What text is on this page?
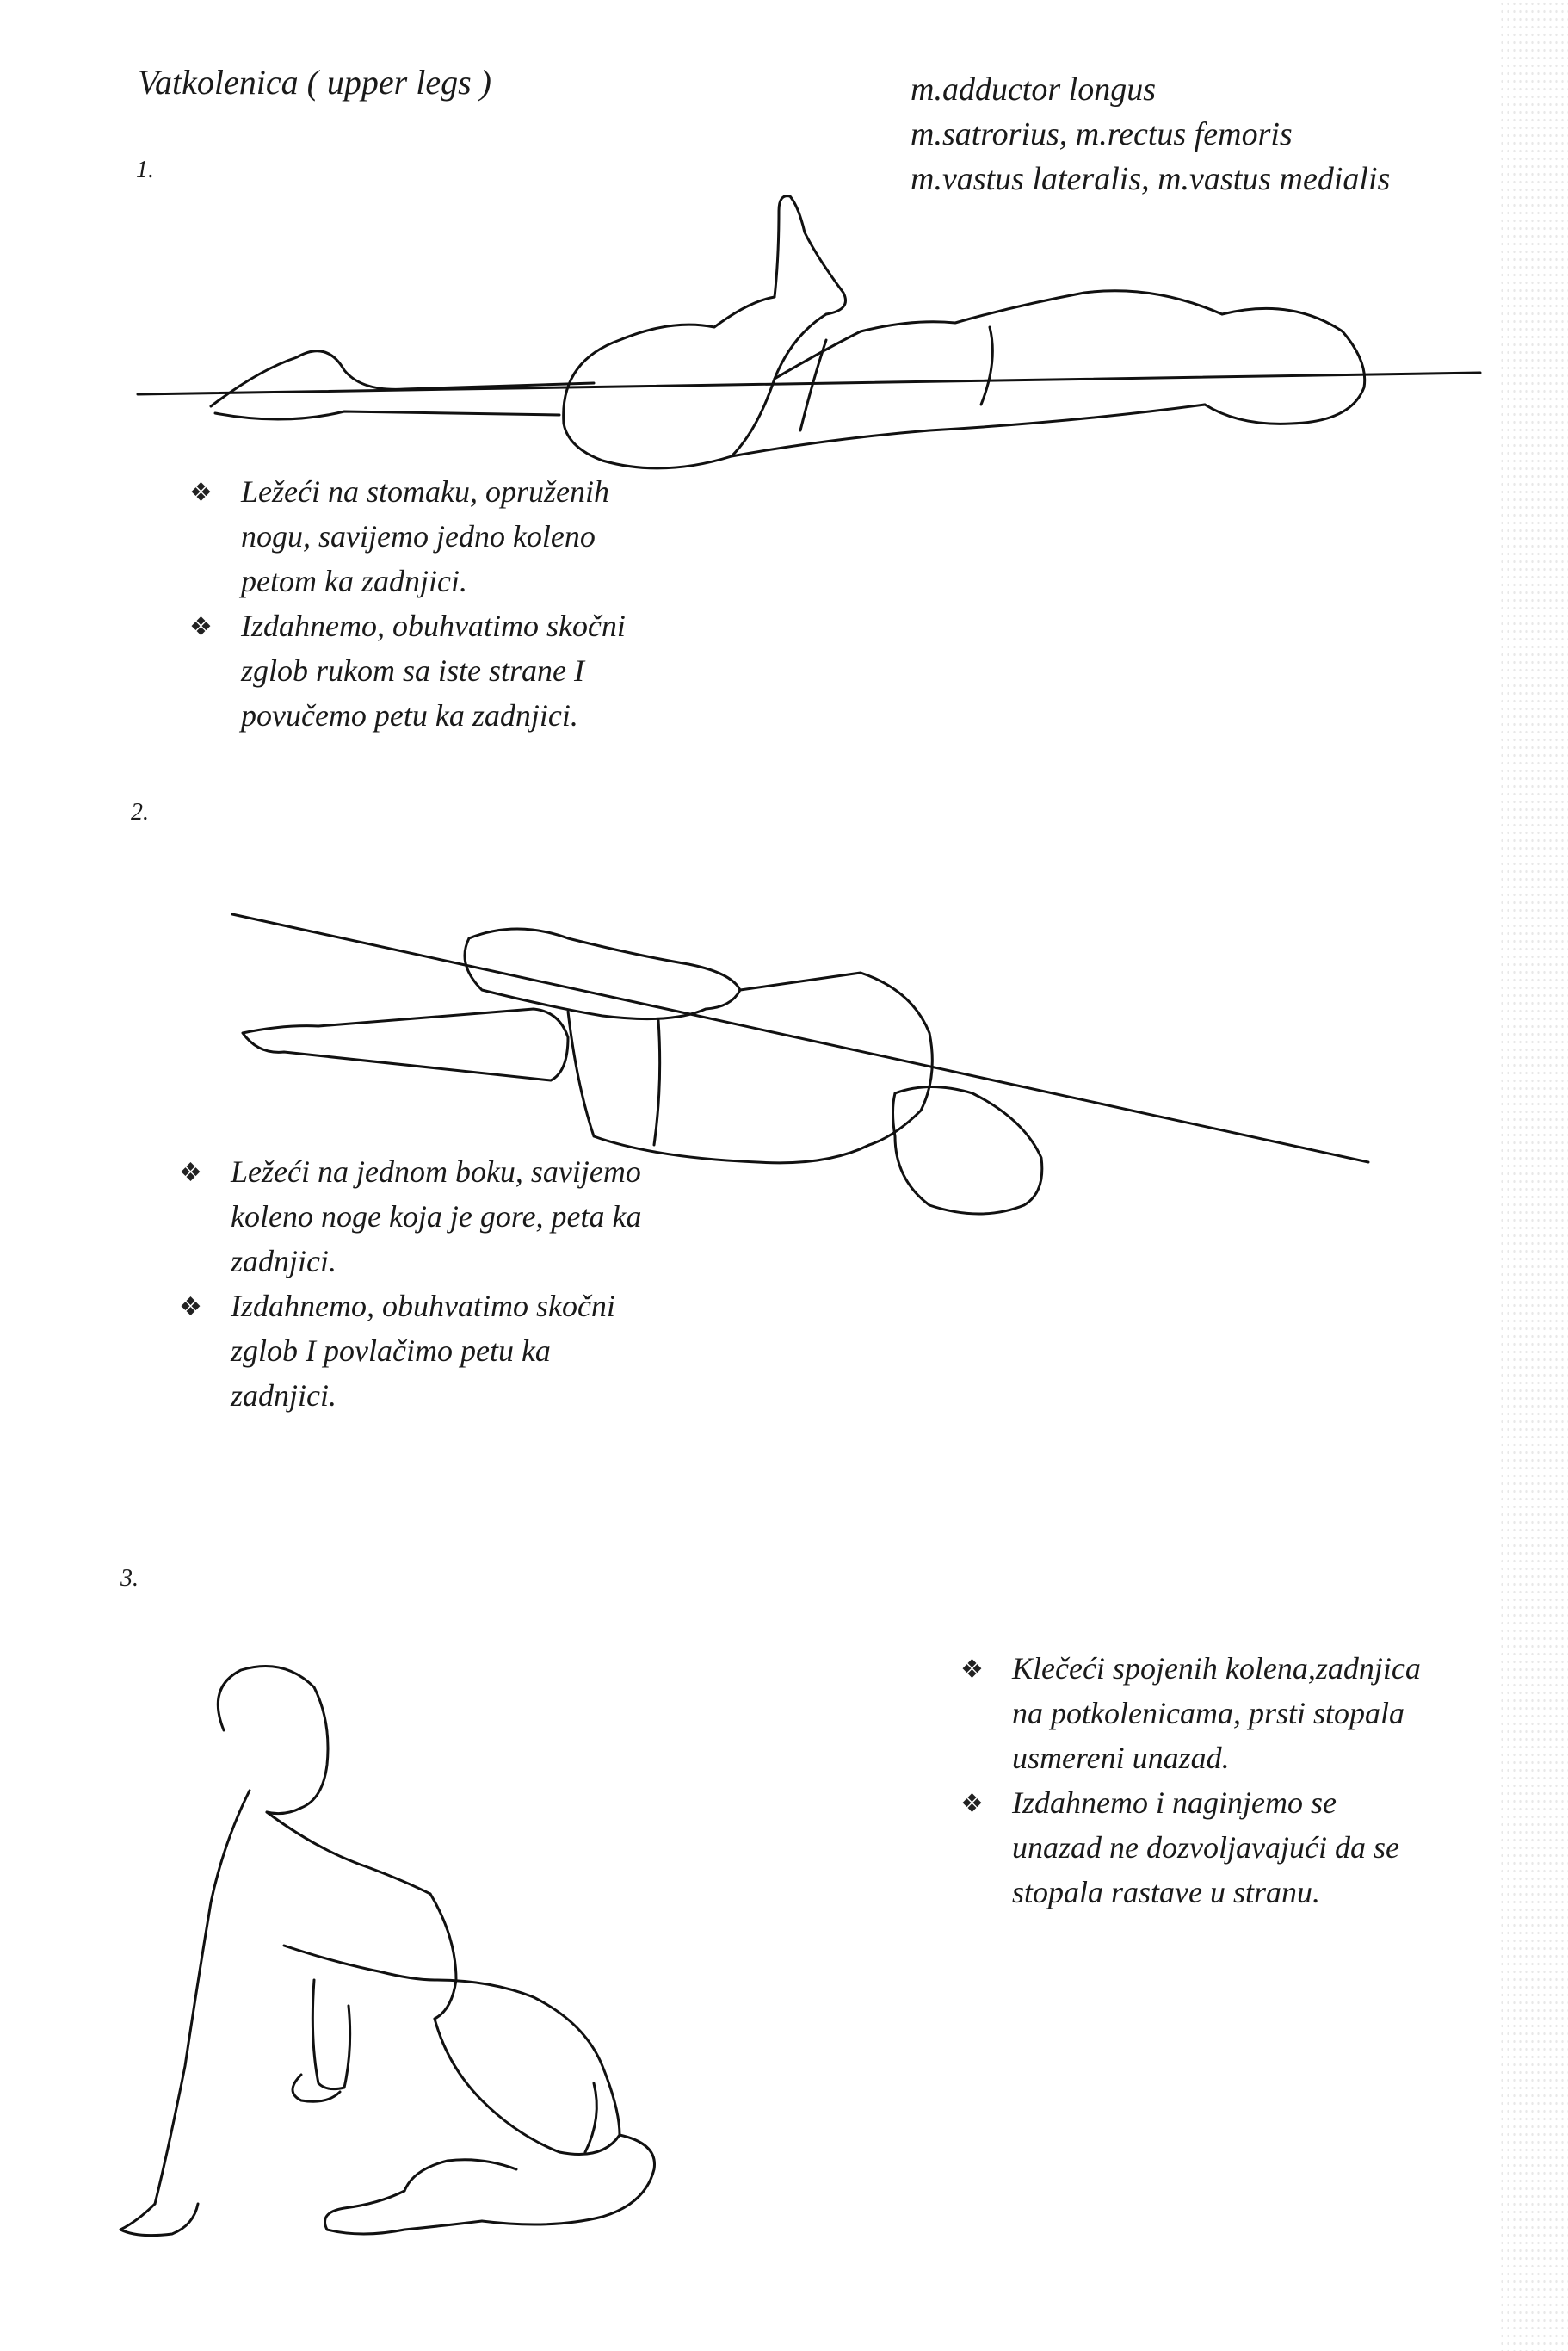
Vatkolenica ( upper legs )	m.adductor longus
m.satrorius, m.rectus femoris
m.vastus lateralis, m.vastus medialis
1.
❖ Ležeći na stomaku, opruženih
nogu, savijemo jedno koleno
petom ka zadnjici.
❖ Izdahnemo, obuhvatimo skočni
zglob rukom sa iste strane I
povučemo petu ka zadnjici.
2.
❖ Ležeći na jednom boku, savijemo
koleno noge koja je gore, peta ka
zadnjici.
❖ Izdahnemo, obuhvatimo skočni
zglob I povlačimo petu ka
zadnjici.
3.
❖ Klečeći spojenih kolena,zadnjica
na potkolenicama, prsti stopala
usmereni unazad.
❖ Izdahnemo i naginjemo se
unazad ne dozvoljavajući da se
stopala rastave u stranu.
